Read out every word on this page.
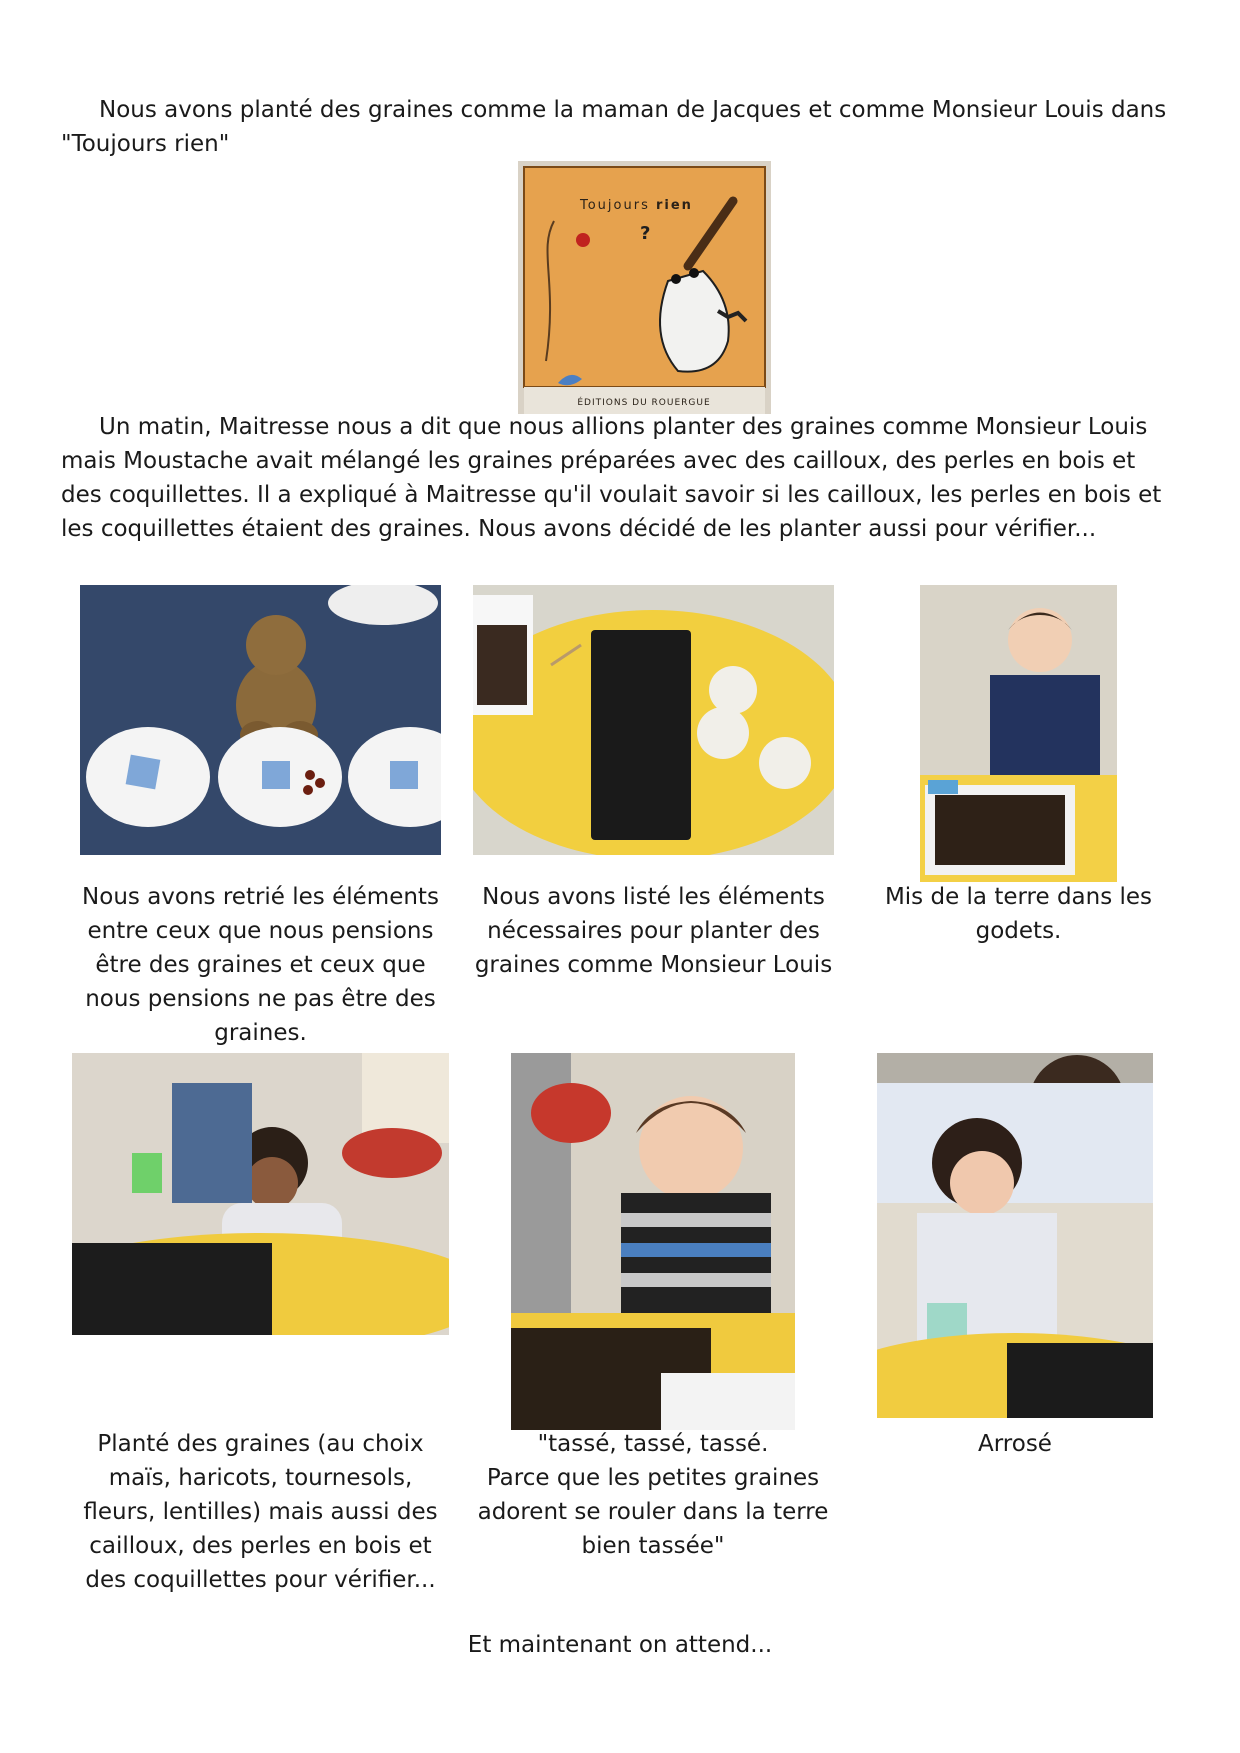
Nous avons planté des graines comme la maman de Jacques et comme Monsieur Louis dans "Toujours rien"

Toujours rien
?
ÉDITIONS DU ROUERGUE

Un matin, Maitresse nous a dit que nous allions planter des graines comme Monsieur Louis mais Moustache avait mélangé les graines préparées avec des cailloux, des perles en bois et des coquillettes. Il a expliqué à Maitresse qu'il voulait savoir si les cailloux, les perles en bois et les coquillettes étaient des graines. Nous avons décidé de les planter aussi pour vérifier...

Nous avons retrié les éléments entre ceux que nous pensions être des graines et ceux que nous pensions ne pas être des graines.

Nous avons listé les éléments nécessaires pour planter des graines comme Monsieur Louis

Mis de la terre dans les godets.

Planté des graines (au choix maïs, haricots, tournesols, fleurs, lentilles) mais aussi des cailloux, des perles en bois et des coquillettes pour vérifier...

"tassé, tassé, tassé.
Parce que les petites graines adorent se rouler dans la terre bien tassée"

Arrosé

Et maintenant on attend...
